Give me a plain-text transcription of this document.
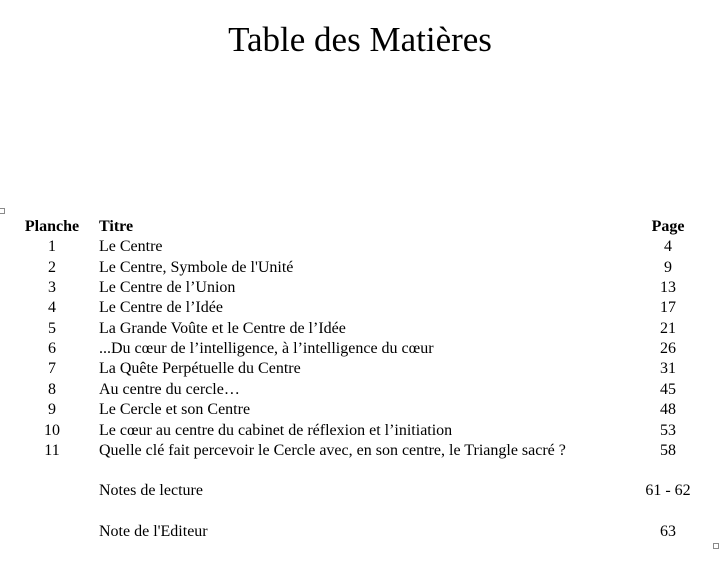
Table des Matières
Planche	Titre	Page
1	Le Centre	4
2	Le Centre, Symbole de l'Unité	9
3	Le Centre de l’Union	13
4	Le Centre de l’Idée	17
5	La Grande Voûte et le Centre de l’Idée	21
6	...Du cœur de l’intelligence, à l’intelligence du cœur	26
7	La Quête Perpétuelle du Centre	31
8	Au centre du cercle…	45
9	Le Cercle et son Centre	48
10	Le cœur au centre du cabinet de réflexion et l’initiation	53
11	Quelle clé fait percevoir le Cercle avec, en son centre, le Triangle sacré ?	58
Notes de lecture	61 - 62
Note de l'Editeur	63
